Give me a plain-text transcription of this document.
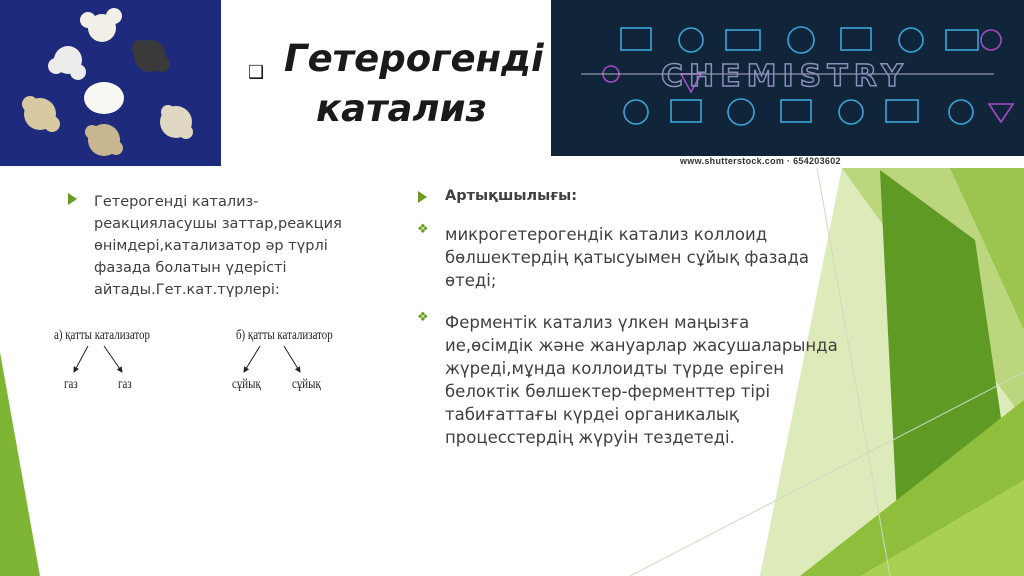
CHEMISTRY
www.shutterstock.com · 654203602
❑ Гетерогенді
катализ
Гетерогенді катализ-
реакцияласушы заттар,реакция
өнімдері,катализатор әр түрлі
фазада болатын үдерісті
айтады.Гет.кат.түрлері:
а) қатты катализатор
газ	газ
б) қатты катализатор
сұйық сұйық
Артықшылығы:
❖ микрогетерогендік катализ коллоид
бөлшектердің қатысуымен сұйық фазада
өтеді;
❖ Ферментік катализ үлкен маңызға
ие,өсімдік және жануарлар жасушаларында
жүреді,мұнда коллоидты түрде ерiген
белоктік бөлшектер-ферменттер тірі
табиғаттағы күрдеі органикалық
процесстердің жүруін тездетеді.
